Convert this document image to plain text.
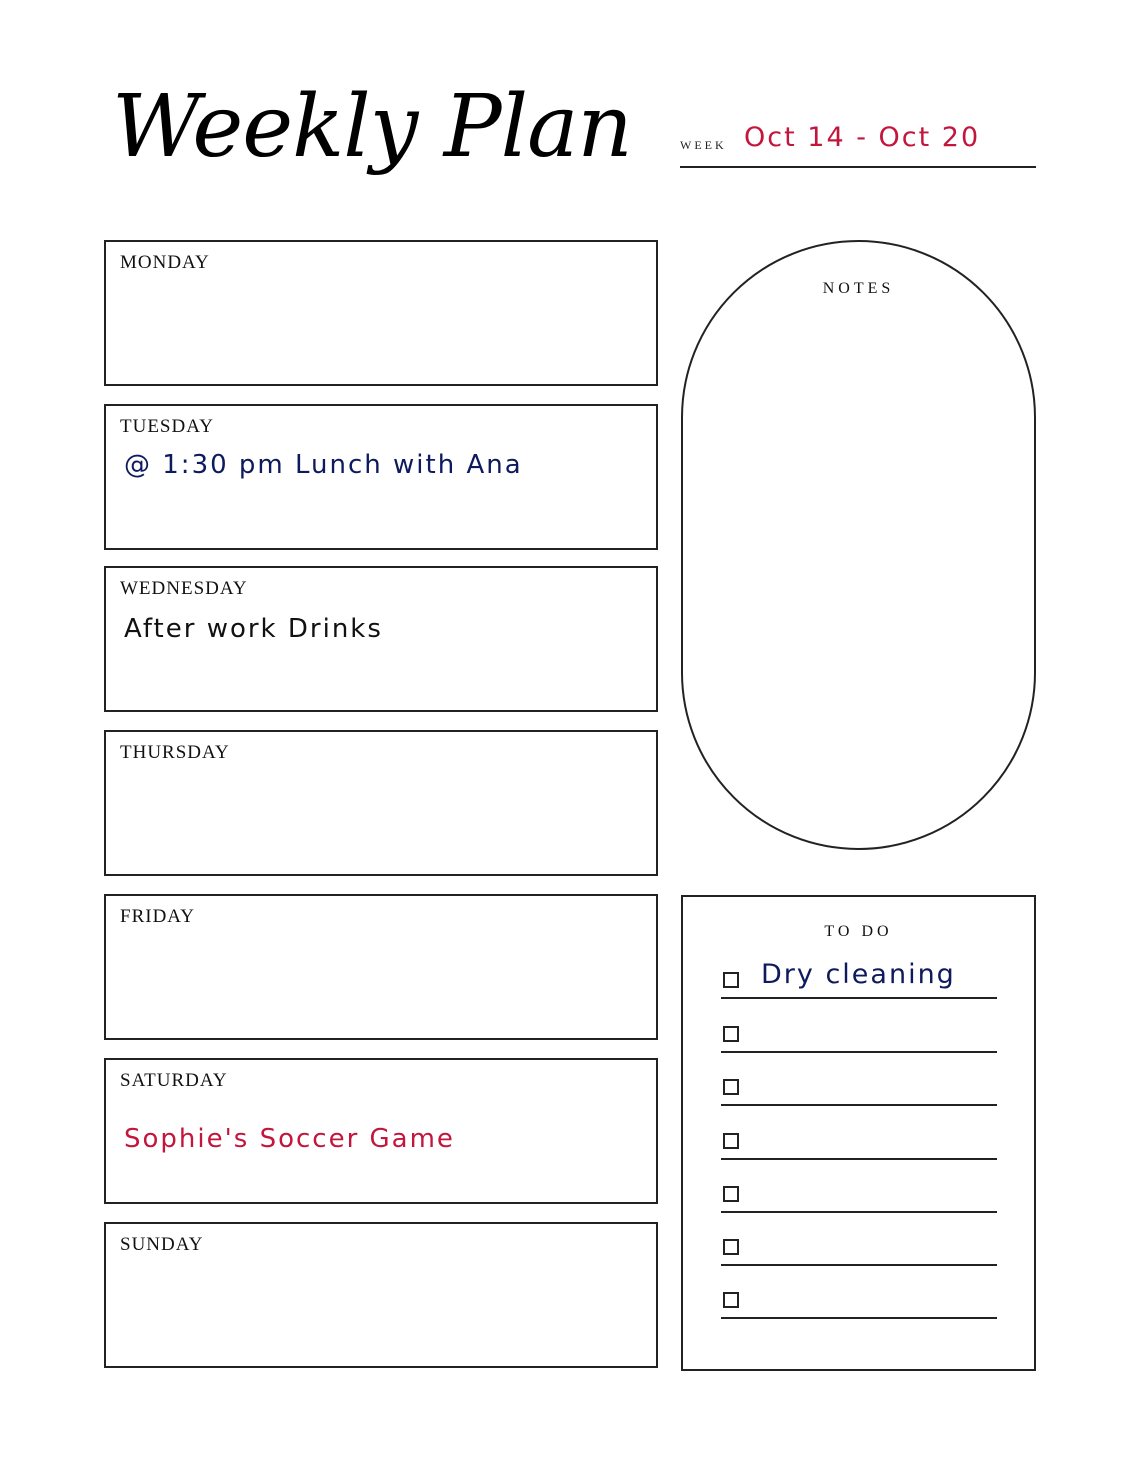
Weekly Plan	WEEK Oct 14 - Oct 20
MONDAY
TUESDAY
@ 1:30 pm Lunch with Ana
WEDNESDAY
After work Drinks
THURSDAY
FRIDAY
SATURDAY
Sophie's Soccer Game
SUNDAY
NOTES
TO DO
Dry cleaning
